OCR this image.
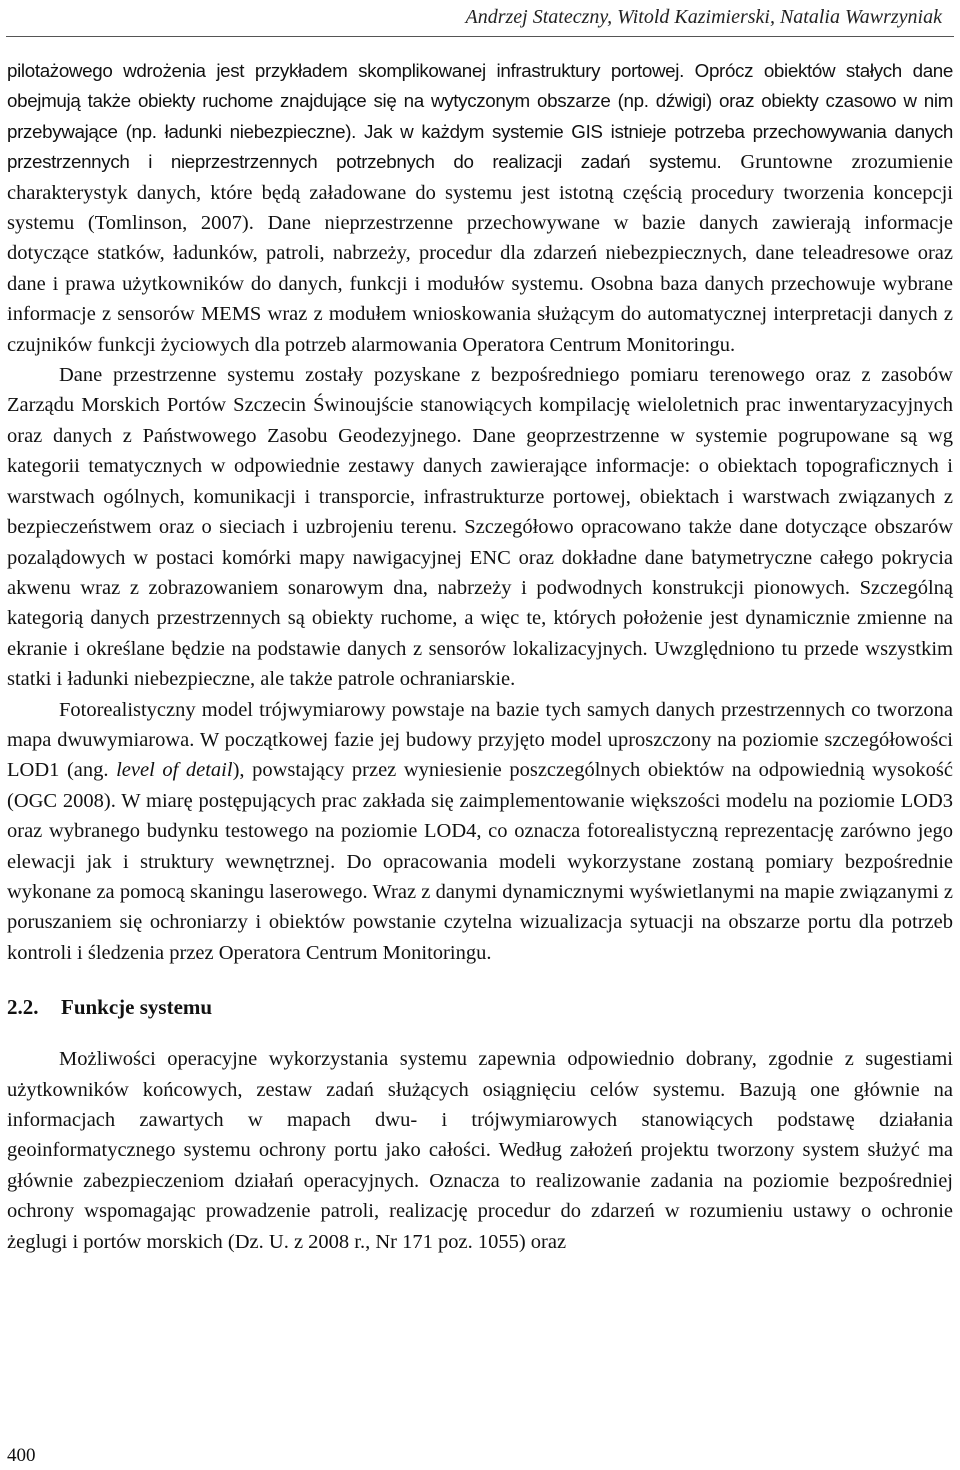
Andrzej Stateczny, Witold Kazimierski, Natalia Wawrzyniak

pilotażowego wdrożenia jest przykładem skomplikowanej infrastruktury portowej. Oprócz obiektów stałych dane obejmują także obiekty ruchome znajdujące się na wytyczonym obszarze (np. dźwigi) oraz obiekty czasowo w nim przebywające (np. ładunki niebezpieczne). Jak w każdym systemie GIS istnieje potrzeba przechowywania danych przestrzennych i nieprzestrzennych potrzebnych do realizacji zadań systemu. Gruntowne zrozumienie charakterystyk danych, które będą załadowane do systemu jest istotną częścią procedury tworzenia koncepcji systemu (Tomlinson, 2007). Dane nieprzestrzenne przechowywane w bazie danych zawierają informacje dotyczące statków, ładunków, patroli, nabrzeży, procedur dla zdarzeń niebezpiecznych, dane teleadresowe oraz dane i prawa użytkowników do danych, funkcji i modułów systemu. Osobna baza danych przechowuje wybrane informacje z sensorów MEMS wraz z modułem wnioskowania służącym do automatycznej interpretacji danych z czujników funkcji życiowych dla potrzeb alarmowania Operatora Centrum Monitoringu.

Dane przestrzenne systemu zostały pozyskane z bezpośredniego pomiaru terenowego oraz z zasobów Zarządu Morskich Portów Szczecin Świnoujście stanowiących kompilację wieloletnich prac inwentaryzacyjnych oraz danych z Państwowego Zasobu Geodezyjnego. Dane geoprzestrzenne w systemie pogrupowane są wg kategorii tematycznych w odpowiednie zestawy danych zawierające informacje: o obiektach topograficznych i warstwach ogólnych, komunikacji i transporcie, infrastrukturze portowej, obiektach i warstwach związanych z bezpieczeństwem oraz o sieciach i uzbrojeniu terenu. Szczegółowo opracowano także dane dotyczące obszarów pozalądowych w postaci komórki mapy nawigacyjnej ENC oraz dokładne dane batymetryczne całego pokrycia akwenu wraz z zobrazowaniem sonarowym dna, nabrzeży i podwodnych konstrukcji pionowych. Szczególną kategorią danych przestrzennych są obiekty ruchome, a więc te, których położenie jest dynamicznie zmienne na ekranie i określane będzie na podstawie danych z sensorów lokalizacyjnych. Uwzględniono tu przede wszystkim statki i ładunki niebezpieczne, ale także patrole ochraniarskie.

Fotorealistyczny model trójwymiarowy powstaje na bazie tych samych danych przestrzennych co tworzona mapa dwuwymiarowa. W początkowej fazie jej budowy przyjęto model uproszczony na poziomie szczegółowości LOD1 (ang. level of detail), powstający przez wyniesienie poszczególnych obiektów na odpowiednią wysokość (OGC 2008). W miarę postępujących prac zakłada się zaimplementowanie większości modelu na poziomie LOD3 oraz wybranego budynku testowego na poziomie LOD4, co oznacza fotorealistyczną reprezentację zarówno jego elewacji jak i struktury wewnętrznej. Do opracowania modeli wykorzystane zostaną pomiary bezpośrednie wykonane za pomocą skaningu laserowego. Wraz z danymi dynamicznymi wyświetlanymi na mapie związanymi z poruszaniem się ochroniarzy i obiektów powstanie czytelna wizualizacja sytuacji na obszarze portu dla potrzeb kontroli i śledzenia przez Operatora Centrum Monitoringu.

2.2. Funkcje systemu

Możliwości operacyjne wykorzystania systemu zapewnia odpowiednio dobrany, zgodnie z sugestiami użytkowników końcowych, zestaw zadań służących osiągnięciu celów systemu. Bazują one głównie na informacjach zawartych w mapach dwu- i trójwymiarowych stanowiących podstawę działania geoinformatycznego systemu ochrony portu jako całości. Według założeń projektu tworzony system służyć ma głównie zabezpieczeniom działań operacyjnych. Oznacza to realizowanie zadania na poziomie bezpośredniej ochrony wspomagając prowadzenie patroli, realizację procedur do zdarzeń w rozumieniu ustawy o ochronie żeglugi i portów morskich (Dz. U. z 2008 r., Nr 171 poz. 1055) oraz

400
